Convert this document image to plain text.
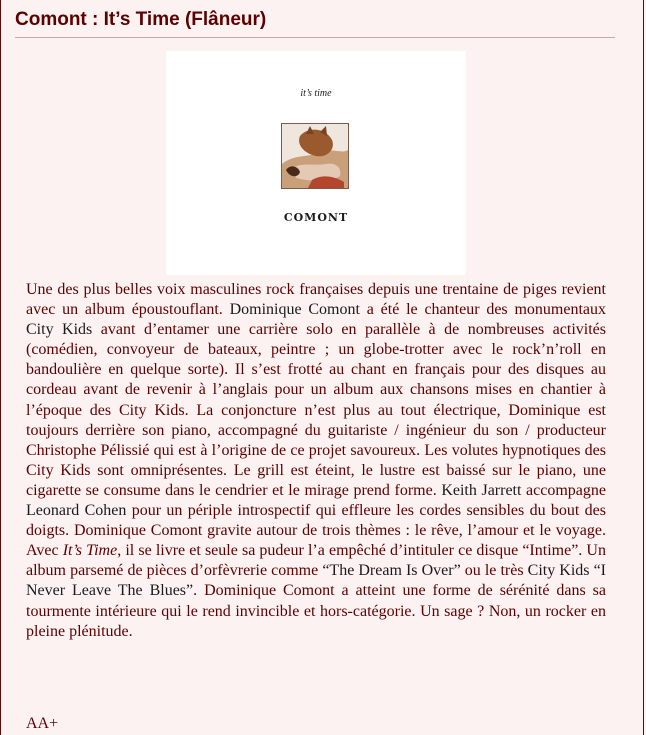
Comont : It’s Time (Flâneur)
it’s time
COMONT

Une des plus belles voix masculines rock françaises depuis une trentaine de piges revient avec un album époustouflant. Dominique Comont a été le chanteur des monumentaux City Kids avant d’entamer une carrière solo en parallèle à de nombreuses activités (comédien, convoyeur de bateaux, peintre ; un globe-trotter avec le rock’n’roll en bandoulière en quelque sorte). Il s’est frotté au chant en français pour des disques au cordeau avant de revenir à l’anglais pour un album aux chansons mises en chantier à l’époque des City Kids. La conjoncture n’est plus au tout électrique, Dominique est toujours derrière son piano, accompagné du guitariste / ingénieur du son / producteur Christophe Pélissié qui est à l’origine de ce projet savoureux. Les volutes hypnotiques des City Kids sont omniprésentes. Le grill est éteint, le lustre est baissé sur le piano, une cigarette se consume dans le cendrier et le mirage prend forme. Keith Jarrett accompagne Leonard Cohen pour un périple introspectif qui effleure les cordes sensibles du bout des doigts. Dominique Comont gravite autour de trois thèmes : le rêve, l’amour et le voyage. Avec It’s Time, il se livre et seule sa pudeur l’a empêché d’intituler ce disque “Intime”. Un album parsemé de pièces d’orfèvrerie comme “The Dream Is Over” ou le très City Kids “I Never Leave The Blues”. Dominique Comont a atteint une forme de sérénité dans sa tourmente intérieure qui le rend invincible et hors-catégorie. Un sage ? Non, un rocker en pleine plénitude.

AA+
